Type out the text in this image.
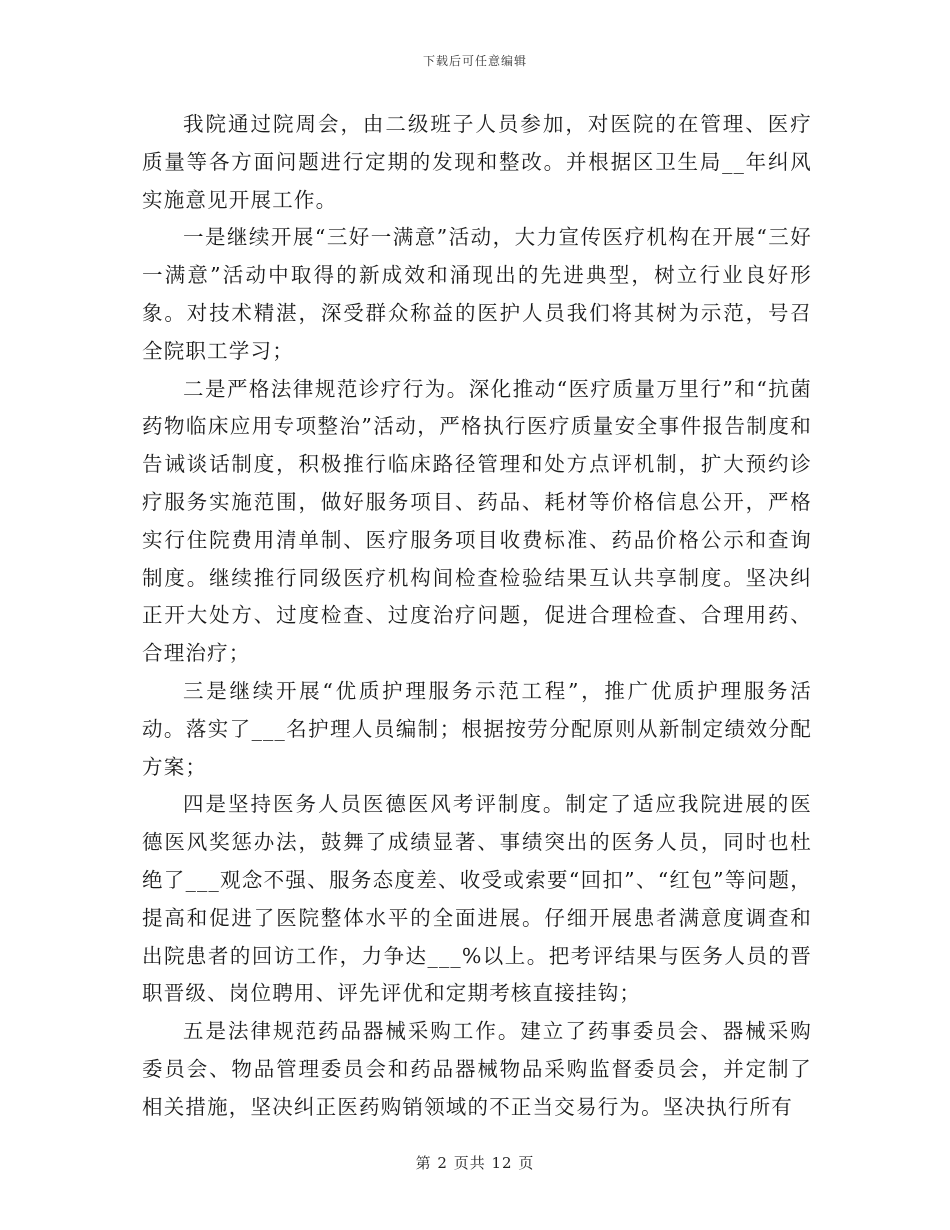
下载后可任意编辑

我院通过院周会，由二级班子人员参加，对医院的在管理、医疗质量等各方面问题进行定期的发现和整改。并根据区卫生局__年纠风实施意见开展工作。

一是继续开展“三好一满意”活动，大力宣传医疗机构在开展“三好一满意”活动中取得的新成效和涌现出的先进典型，树立行业良好形象。对技术精湛，深受群众称益的医护人员我们将其树为示范，号召全院职工学习；

二是严格法律规范诊疗行为。深化推动“医疗质量万里行”和“抗菌药物临床应用专项整治”活动，严格执行医疗质量安全事件报告制度和告诫谈话制度，积极推行临床路径管理和处方点评机制，扩大预约诊疗服务实施范围，做好服务项目、药品、耗材等价格信息公开，严格实行住院费用清单制、医疗服务项目收费标准、药品价格公示和查询制度。继续推行同级医疗机构间检查检验结果互认共享制度。坚决纠正开大处方、过度检查、过度治疗问题，促进合理检查、合理用药、合理治疗；

三是继续开展“优质护理服务示范工程”，推广优质护理服务活动。落实了___名护理人员编制；根据按劳分配原则从新制定绩效分配方案；

四是坚持医务人员医德医风考评制度。制定了适应我院进展的医德医风奖惩办法，鼓舞了成绩显著、事绩突出的医务人员，同时也杜绝了___观念不强、服务态度差、收受或索要“回扣”、“红包”等问题，提高和促进了医院整体水平的全面进展。仔细开展患者满意度调查和出院患者的回访工作，力争达___%以上。把考评结果与医务人员的晋职晋级、岗位聘用、评先评优和定期考核直接挂钩；

五是法律规范药品器械采购工作。建立了药事委员会、器械采购委员会、物品管理委员会和药品器械物品采购监督委员会，并定制了相关措施，坚决纠正医药购销领域的不正当交易行为。坚决执行所有

第 2 页共 12 页
